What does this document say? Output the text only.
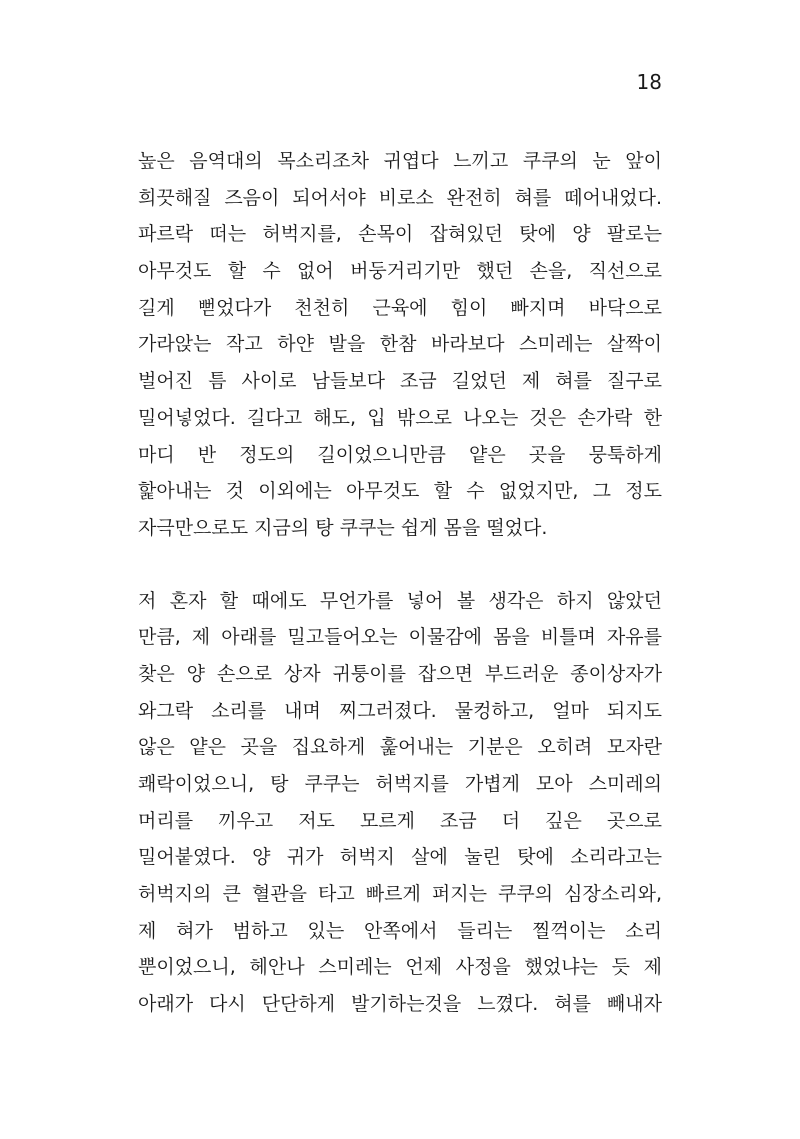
18

높은 음역대의 목소리조차 귀엽다 느끼고 쿠쿠의 눈 앞이
희끗해질 즈음이 되어서야 비로소 완전히 혀를 떼어내었다.
파르락 떠는 허벅지를, 손목이 잡혀있던 탓에 양 팔로는
아무것도 할 수 없어 버둥거리기만 했던 손을, 직선으로
길게 뻗었다가 천천히 근육에 힘이 빠지며 바닥으로
가라앉는 작고 하얀 발을 한참 바라보다 스미레는 살짝이
벌어진 틈 사이로 남들보다 조금 길었던 제 혀를 질구로
밀어넣었다. 길다고 해도, 입 밖으로 나오는 것은 손가락 한
마디 반 정도의 길이었으니만큼 얕은 곳을 뭉툭하게
핥아내는 것 이외에는 아무것도 할 수 없었지만, 그 정도
자극만으로도 지금의 탕 쿠쿠는 쉽게 몸을 떨었다.

저 혼자 할 때에도 무언가를 넣어 볼 생각은 하지 않았던
만큼, 제 아래를 밀고들어오는 이물감에 몸을 비틀며 자유를
찾은 양 손으로 상자 귀퉁이를 잡으면 부드러운 종이상자가
와그락 소리를 내며 찌그러졌다. 물컹하고, 얼마 되지도
않은 얕은 곳을 집요하게 훑어내는 기분은 오히려 모자란
쾌락이었으니, 탕 쿠쿠는 허벅지를 가볍게 모아 스미레의
머리를 끼우고 저도 모르게 조금 더 깊은 곳으로
밀어붙였다. 양 귀가 허벅지 살에 눌린 탓에 소리라고는
허벅지의 큰 혈관을 타고 빠르게 퍼지는 쿠쿠의 심장소리와,
제 혀가 범하고 있는 안쪽에서 들리는 찔꺽이는 소리
뿐이었으니, 헤안나 스미레는 언제 사정을 했었냐는 듯 제
아래가 다시 단단하게 발기하는것을 느꼈다. 혀를 빼내자
